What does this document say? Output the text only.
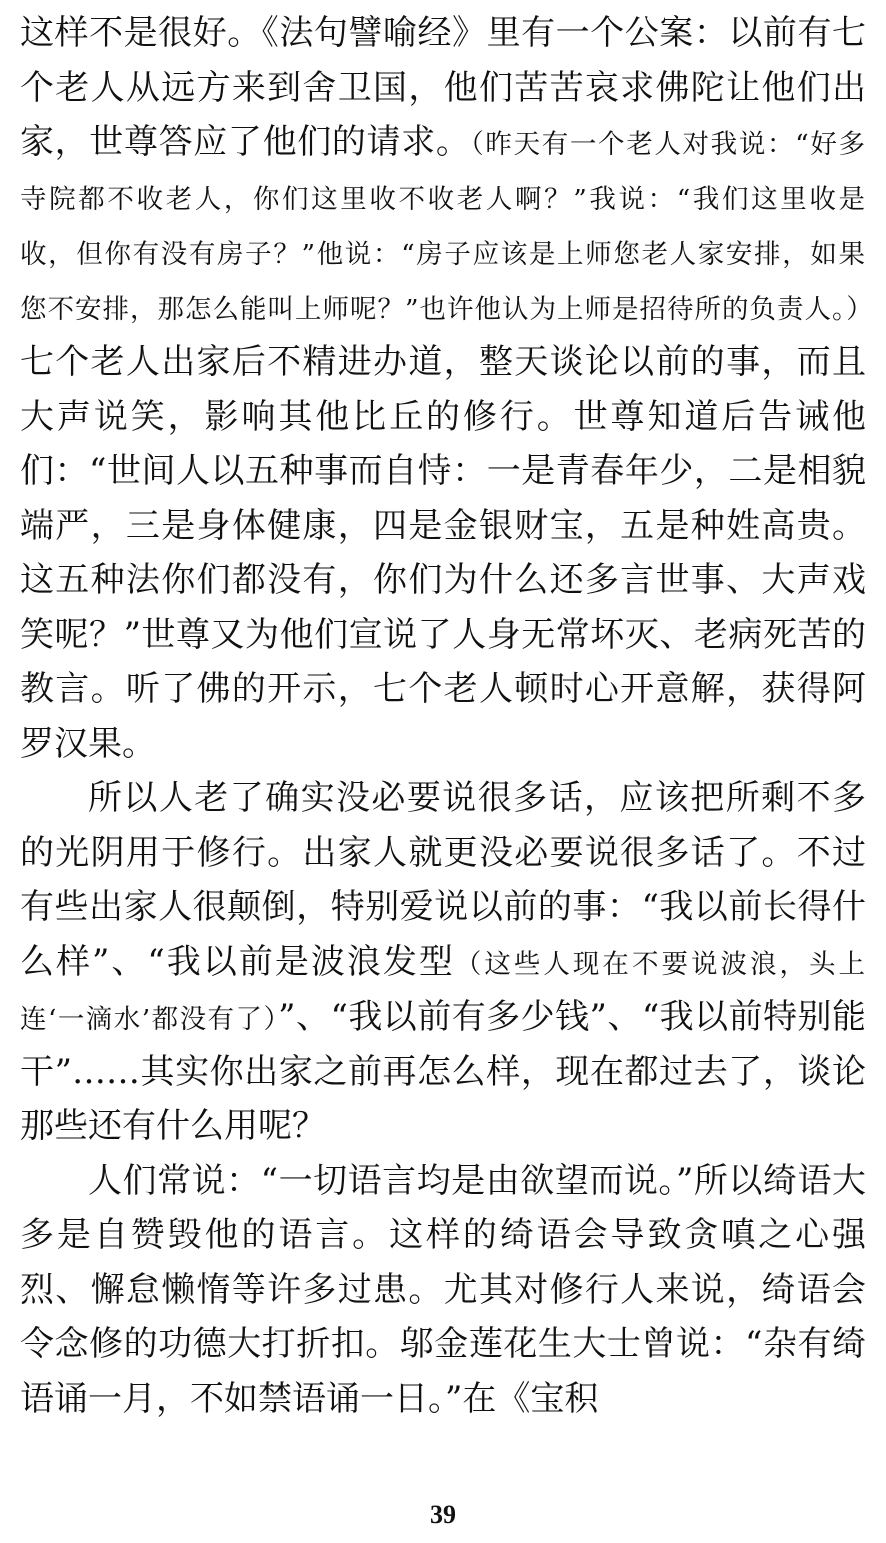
这样不是很好。《法句譬喻经》里有一个公案：以前有七个老人从远方来到舍卫国，他们苦苦哀求佛陀让他们出家，世尊答应了他们的请求。（昨天有一个老人对我说：“好多寺院都不收老人，你们这里收不收老人啊？”我说：“我们这里收是收，但你有没有房子？”他说：“房子应该是上师您老人家安排，如果您不安排，那怎么能叫上师呢？”也许他认为上师是招待所的负责人。）七个老人出家后不精进办道，整天谈论以前的事，而且大声说笑，影响其他比丘的修行。世尊知道后告诫他们：“世间人以五种事而自恃：一是青春年少，二是相貌端严，三是身体健康，四是金银财宝，五是种姓高贵。这五种法你们都没有，你们为什么还多言世事、大声戏笑呢？”世尊又为他们宣说了人身无常坏灭、老病死苦的教言。听了佛的开示，七个老人顿时心开意解，获得阿罗汉果。

所以人老了确实没必要说很多话，应该把所剩不多的光阴用于修行。出家人就更没必要说很多话了。不过有些出家人很颠倒，特别爱说以前的事：“我以前长得什么样”、“我以前是波浪发型（这些人现在不要说波浪，头上连‘一滴水’都没有了）”、“我以前有多少钱”、“我以前特别能干”……其实你出家之前再怎么样，现在都过去了，谈论那些还有什么用呢？

人们常说：“一切语言均是由欲望而说。”所以绮语大多是自赞毁他的语言。这样的绮语会导致贪嗔之心强烈、懈怠懒惰等许多过患。尤其对修行人来说，绮语会令念修的功德大打折扣。邬金莲花生大士曾说：“杂有绮语诵一月，不如禁语诵一日。”在《宝积

39
